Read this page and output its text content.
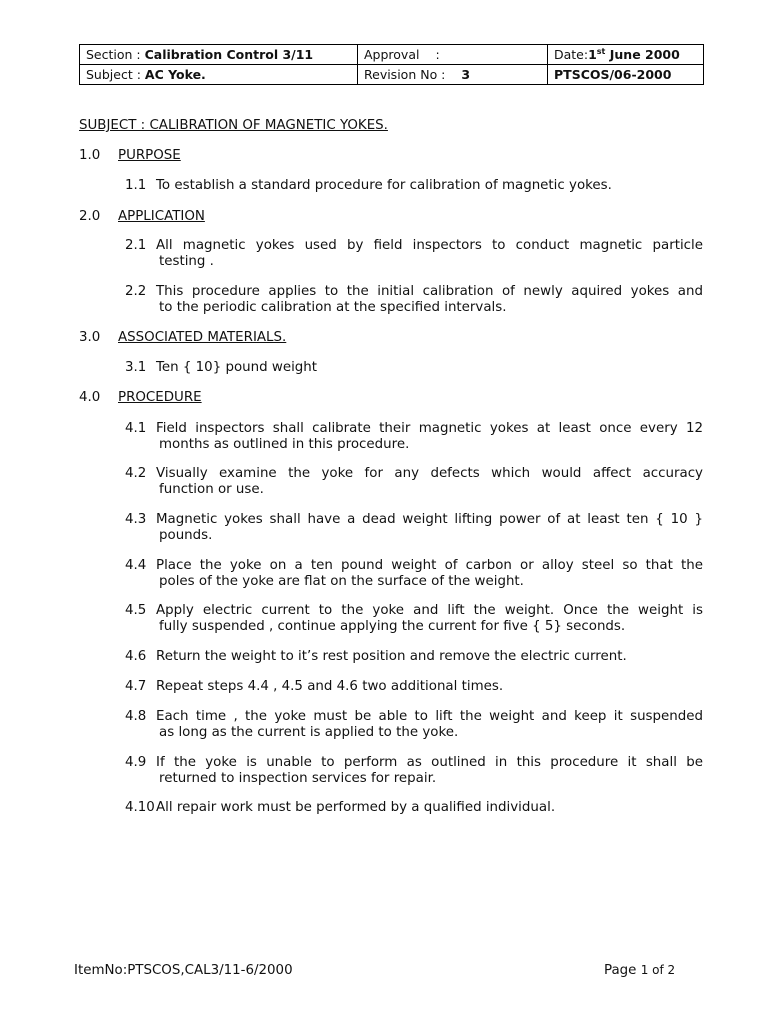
Section : Calibration Control 3/11	Approval :	Date:1st June 2000
Subject : AC Yoke.	Revision No : 3	PTSCOS/06-2000
SUBJECT : CALIBRATION OF MAGNETIC YOKES.
1.0 PURPOSE
2.0 APPLICATION
3.0 ASSOCIATED MATERIALS.
4.0 PROCEDURE
1.1 To establish a standard procedure for calibration of magnetic yokes.
2.1 All magnetic yokes used by field inspectors to conduct magnetic particle
testing .
2.2 This procedure applies to the initial calibration of newly aquired yokes and
to the periodic calibration at the specified intervals.
3.1 Ten { 10} pound weight
4.1 Field inspectors shall calibrate their magnetic yokes at least once every 12
months as outlined in this procedure.
4.2 Visually examine the yoke for any defects which would affect accuracy
function or use.
4.3 Magnetic yokes shall have a dead weight lifting power of at least ten { 10 }
pounds.
4.4 Place the yoke on a ten pound weight of carbon or alloy steel so that the
poles of the yoke are flat on the surface of the weight.
4.5 Apply electric current to the yoke and lift the weight. Once the weight is
fully suspended , continue applying the current for five { 5} seconds.
4.6 Return the weight to it’s rest position and remove the electric current.
4.7 Repeat steps 4.4 , 4.5 and 4.6 two additional times.
4.8 Each time , the yoke must be able to lift the weight and keep it suspended
as long as the current is applied to the yoke.
4.9 If the yoke is unable to perform as outlined in this procedure it shall be
returned to inspection services for repair.
4.10All repair work must be performed by a qualified individual.
ItemNo:PTSCOS,CAL3/11-6/2000	Page 1 of 2
